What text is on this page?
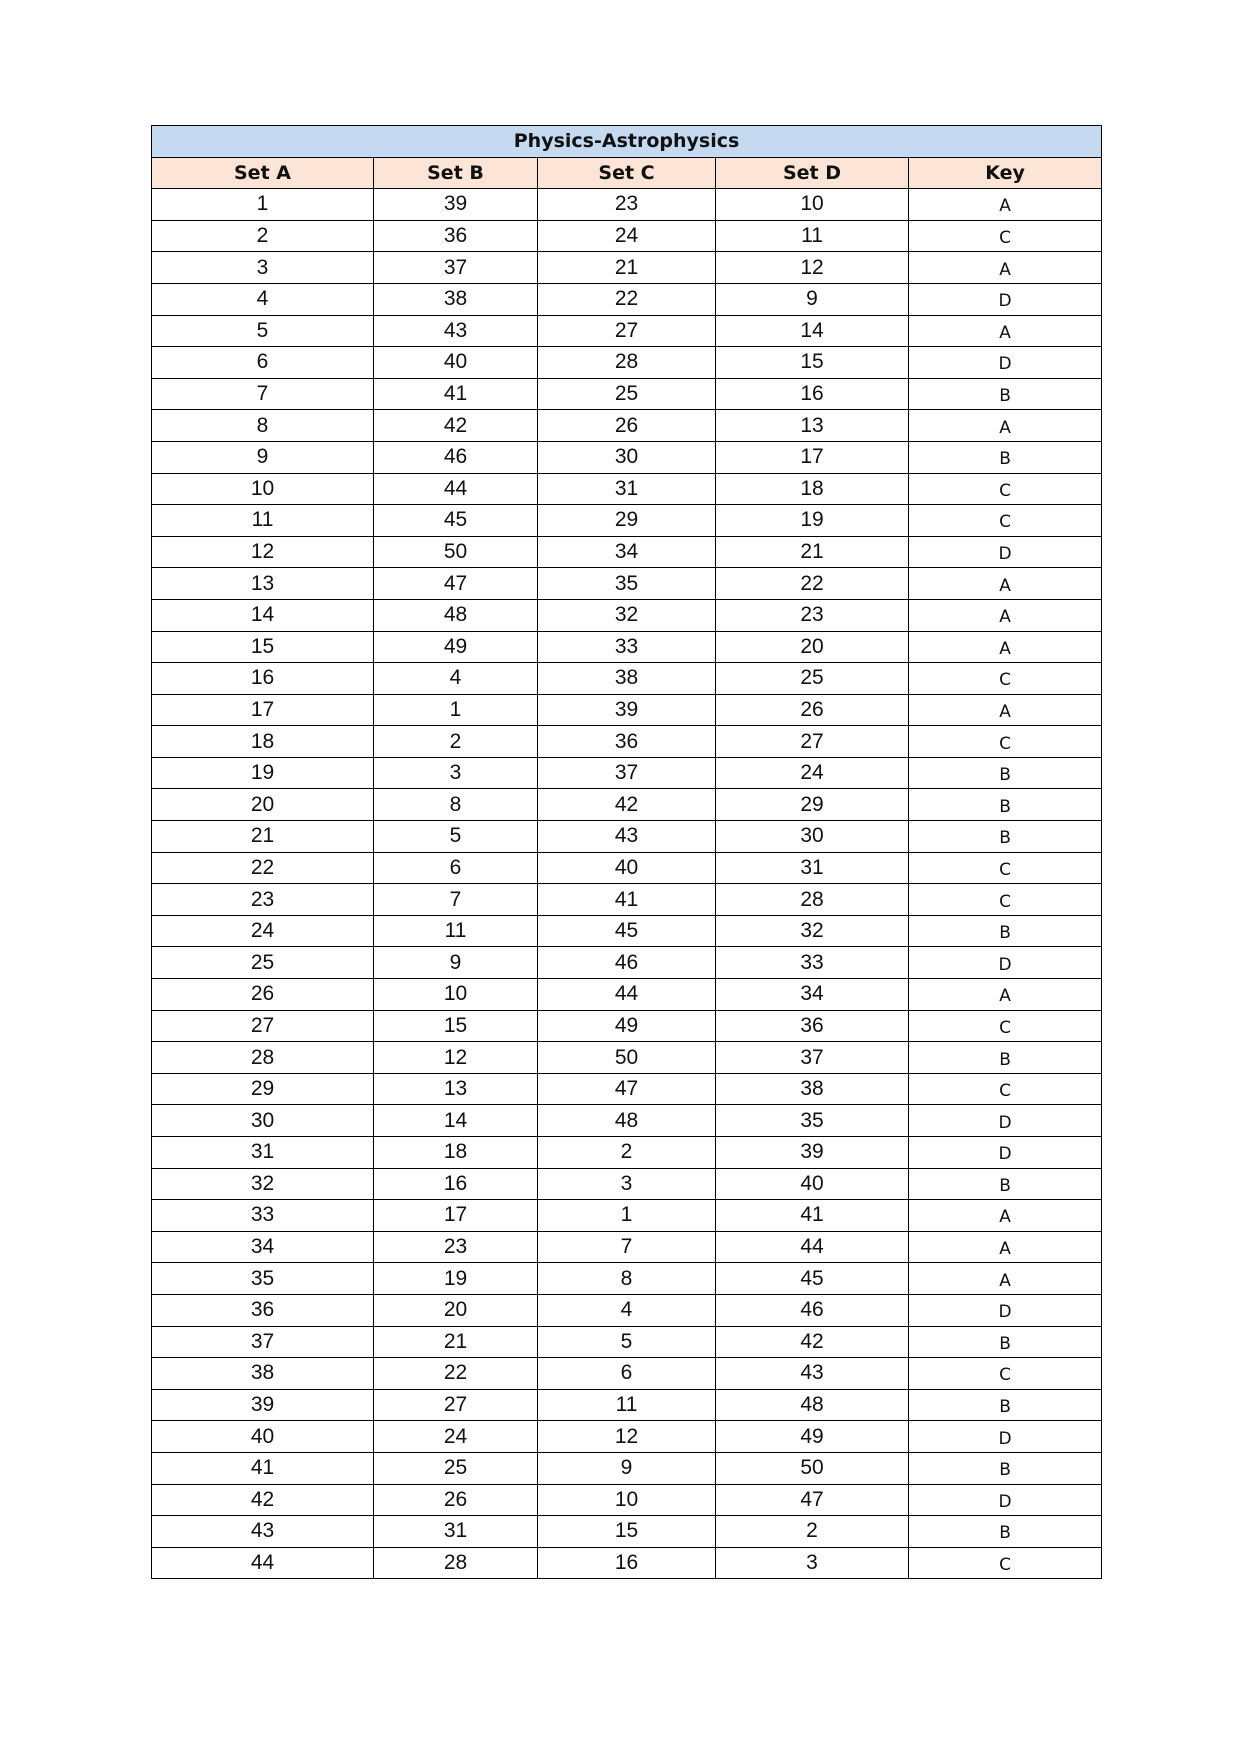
Physics-Astrophysics				
Set A	Set B	Set C	Set D	Key
1	39	23	10	A
2	36	24	11	C
3	37	21	12	A
4	38	22	9	D
5	43	27	14	A
6	40	28	15	D
7	41	25	16	B
8	42	26	13	A
9	46	30	17	B
10	44	31	18	C
11	45	29	19	C
12	50	34	21	D
13	47	35	22	A
14	48	32	23	A
15	49	33	20	A
16	4	38	25	C
17	1	39	26	A
18	2	36	27	C
19	3	37	24	B
20	8	42	29	B
21	5	43	30	B
22	6	40	31	C
23	7	41	28	C
24	11	45	32	B
25	9	46	33	D
26	10	44	34	A
27	15	49	36	C
28	12	50	37	B
29	13	47	38	C
30	14	48	35	D
31	18	2	39	D
32	16	3	40	B
33	17	1	41	A
34	23	7	44	A
35	19	8	45	A
36	20	4	46	D
37	21	5	42	B
38	22	6	43	C
39	27	11	48	B
40	24	12	49	D
41	25	9	50	B
42	26	10	47	D
43	31	15	2	B
44	28	16	3	C
